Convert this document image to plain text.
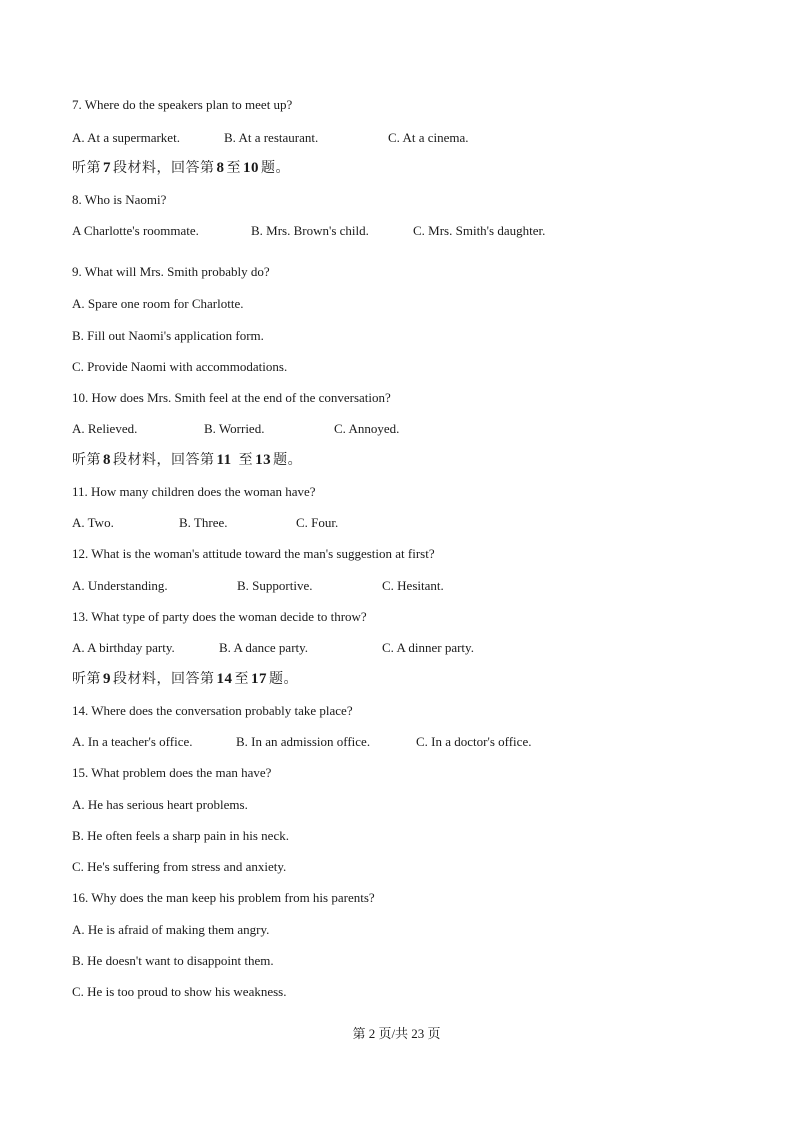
7. Where do the speakers plan to meet up?
A. At a supermarket.	B. At a restaurant.	C. At a cinema.
听第 7 段材料，回答第 8 至 10 题。
8. Who is Naomi?
A Charlotte's roommate.	B. Mrs. Brown's child.	C. Mrs. Smith's daughter.
9. What will Mrs. Smith probably do?
A. Spare one room for Charlotte.
B. Fill out Naomi's application form.
C. Provide Naomi with accommodations.
10. How does Mrs. Smith feel at the end of the conversation?
A. Relieved.	B. Worried.	C. Annoyed.
听第 8 段材料，回答第 11 至 13 题。
11. How many children does the woman have?
A. Two.	B. Three.	C. Four.
12. What is the woman's attitude toward the man's suggestion at first?
A. Understanding.	B. Supportive.	C. Hesitant.
13. What type of party does the woman decide to throw?
A. A birthday party.	B. A dance party.	C. A dinner party.
听第 9 段材料，回答第 14 至 17 题。
14. Where does the conversation probably take place?
A. In a teacher's office.	B. In an admission office.	C. In a doctor's office.
15. What problem does the man have?
A. He has serious heart problems.
B. He often feels a sharp pain in his neck.
C. He's suffering from stress and anxiety.
16. Why does the man keep his problem from his parents?
A. He is afraid of making them angry.
B. He doesn't want to disappoint them.
C. He is too proud to show his weakness.
第 2 页/共 23 页
